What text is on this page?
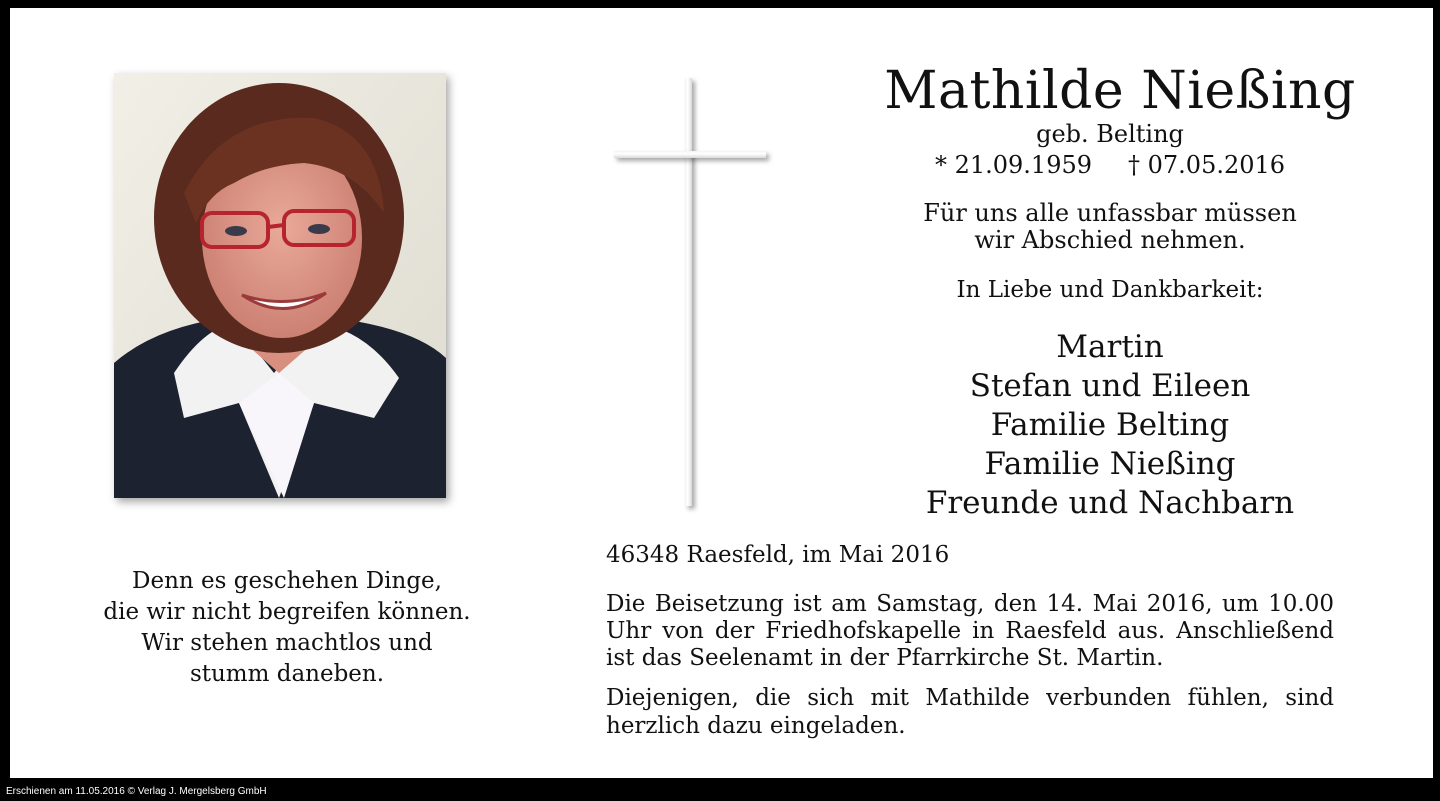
Mathilde Nießing
geb. Belting
* 21.09.1959 † 07.05.2016
Für uns alle unfassbar müssen
wir Abschied nehmen.
In Liebe und Dankbarkeit:
Martin
Stefan und Eileen
Familie Belting
Familie Nießing
Freunde und Nachbarn
46348 Raesfeld, im Mai 2016
Die Beisetzung ist am Samstag, den 14. Mai 2016, um 10.00 Uhr von der Friedhofskapelle in Raesfeld aus. Anschließend ist das Seelenamt in der Pfarrkirche St. Martin.
Diejenigen, die sich mit Mathilde verbunden fühlen, sind herzlich dazu eingeladen.
Denn es geschehen Dinge,
die wir nicht begreifen können.
Wir stehen machtlos und
stumm daneben.
Erschienen am 11.05.2016 © Verlag J. Mergelsberg GmbH
